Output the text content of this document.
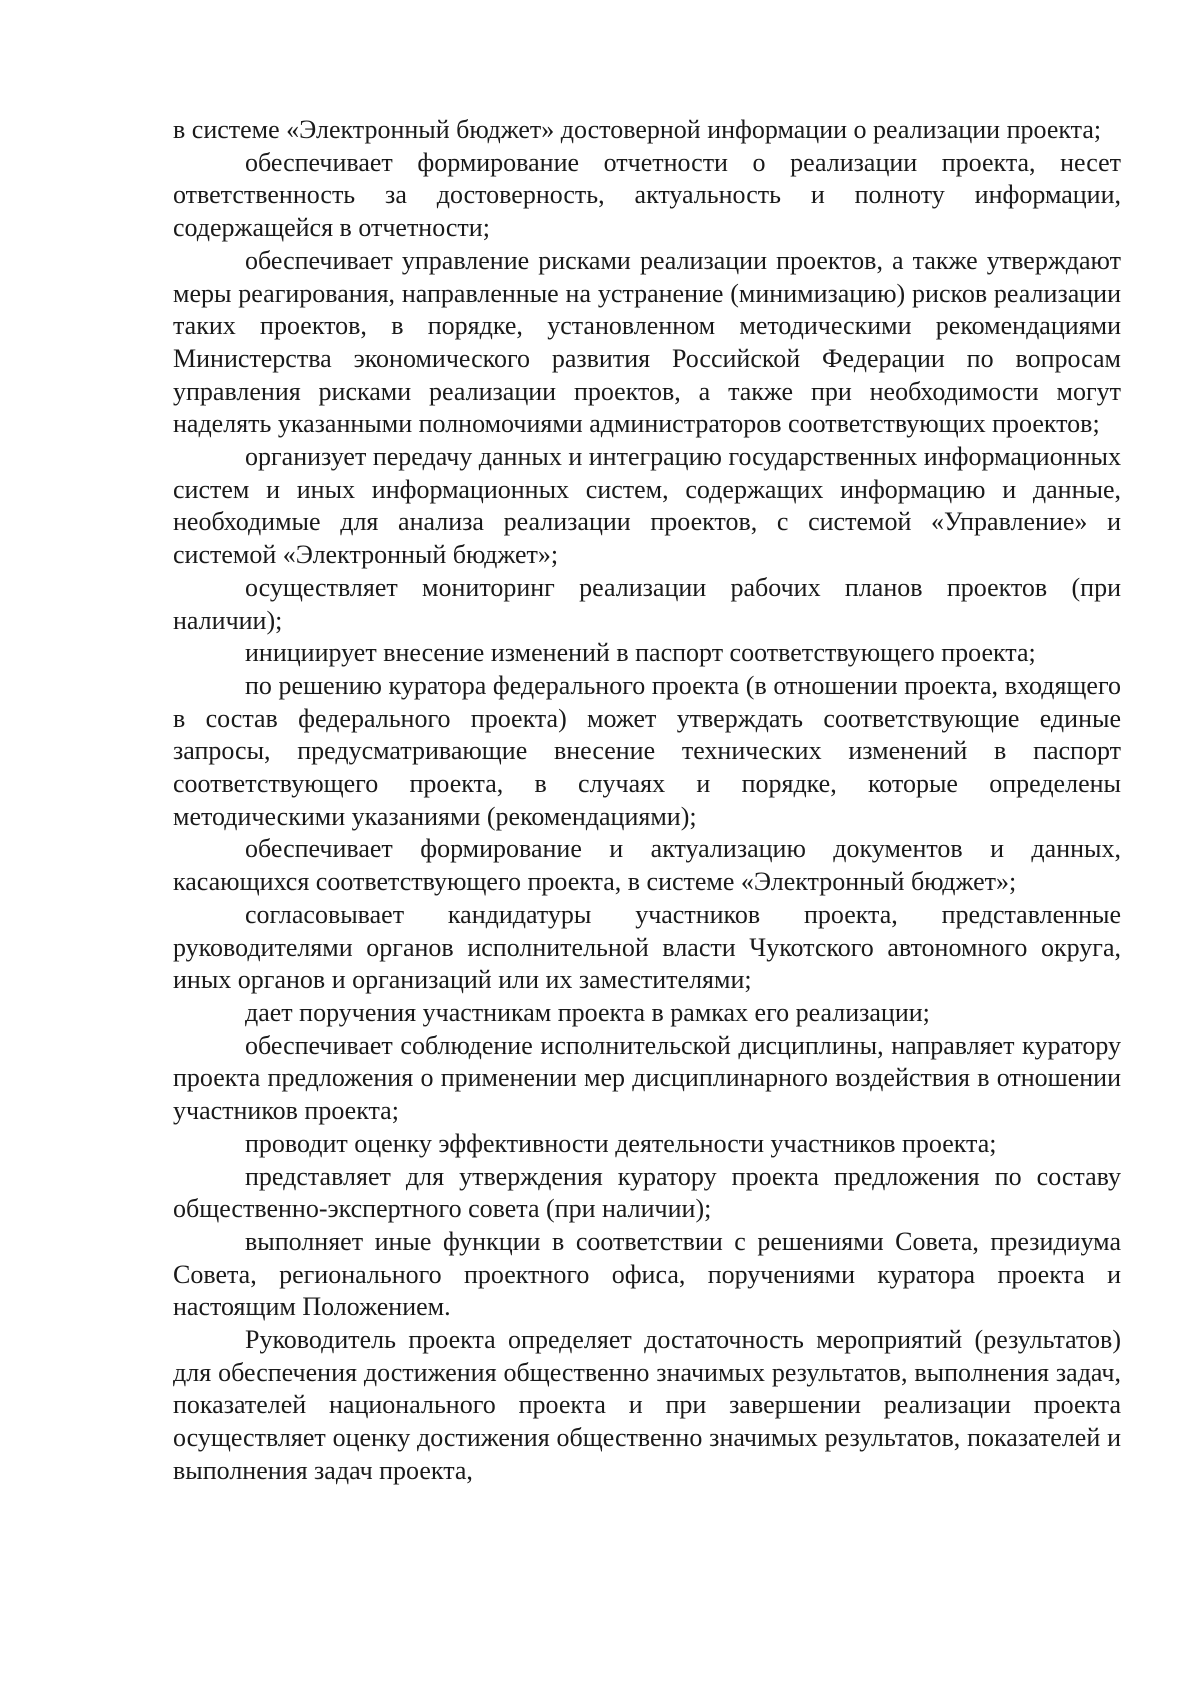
в системе «Электронный бюджет» достоверной информации о реализации проекта;

обеспечивает формирование отчетности о реализации проекта, несет ответственность за достоверность, актуальность и полноту информации, содержащейся в отчетности;

обеспечивает управление рисками реализации проектов, а также утверждают меры реагирования, направленные на устранение (минимизацию) рисков реализации таких проектов, в порядке, установленном методическими рекомендациями Министерства экономического развития Российской Федерации по вопросам управления рисками реализации проектов, а также при необходимости могут наделять указанными полномочиями администраторов соответствующих проектов;

организует передачу данных и интеграцию государственных информационных систем и иных информационных систем, содержащих информацию и данные, необходимые для анализа реализации проектов, с системой «Управление» и системой «Электронный бюджет»;

осуществляет мониторинг реализации рабочих планов проектов (при наличии);

инициирует внесение изменений в паспорт соответствующего проекта;

по решению куратора федерального проекта (в отношении проекта, входящего в состав федерального проекта) может утверждать соответствующие единые запросы, предусматривающие внесение технических изменений в паспорт соответствующего проекта, в случаях и порядке, которые определены методическими указаниями (рекомендациями);

обеспечивает формирование и актуализацию документов и данных, касающихся соответствующего проекта, в системе «Электронный бюджет»;

согласовывает кандидатуры участников проекта, представленные руководителями органов исполнительной власти Чукотского автономного округа, иных органов и организаций или их заместителями;

дает поручения участникам проекта в рамках его реализации;

обеспечивает соблюдение исполнительской дисциплины, направляет куратору проекта предложения о применении мер дисциплинарного воздействия в отношении участников проекта;

проводит оценку эффективности деятельности участников проекта;

представляет для утверждения куратору проекта предложения по составу общественно-экспертного совета (при наличии);

выполняет иные функции в соответствии с решениями Совета, президиума Совета, регионального проектного офиса, поручениями куратора проекта и настоящим Положением.

Руководитель проекта определяет достаточность мероприятий (результатов) для обеспечения достижения общественно значимых результатов, выполнения задач, показателей национального проекта и при завершении реализации проекта осуществляет оценку достижения общественно значимых результатов, показателей и выполнения задач проекта,
